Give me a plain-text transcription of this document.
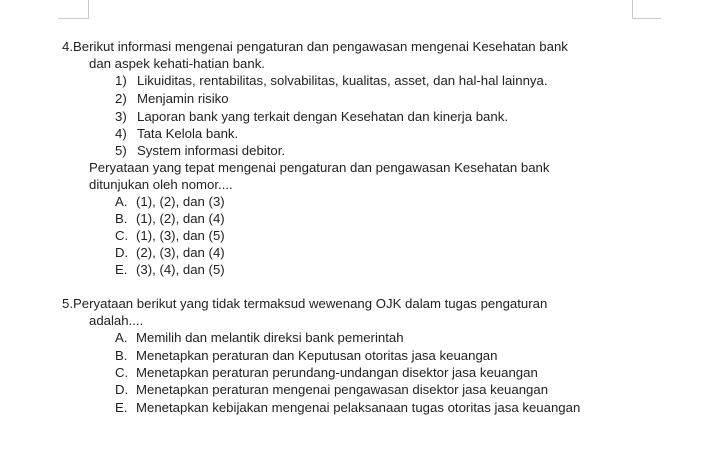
4.Berikut informasi mengenai pengaturan dan pengawasan mengenai Kesehatan bank
dan aspek kehati-hatian bank.
1) Likuiditas, rentabilitas, solvabilitas, kualitas, asset, dan hal-hal lainnya.
2) Menjamin risiko
3) Laporan bank yang terkait dengan Kesehatan dan kinerja bank.
4) Tata Kelola bank.
5) System informasi debitor.
Peryataan yang tepat mengenai pengaturan dan pengawasan Kesehatan bank
ditunjukan oleh nomor....
A. (1), (2), dan (3)
B. (1), (2), dan (4)
C. (1), (3), dan (5)
D. (2), (3), dan (4)
E. (3), (4), dan (5)
5.Peryataan berikut yang tidak termaksud wewenang OJK dalam tugas pengaturan
adalah....
A. Memilih dan melantik direksi bank pemerintah
B. Menetapkan peraturan dan Keputusan otoritas jasa keuangan
C. Menetapkan peraturan perundang-undangan disektor jasa keuangan
D. Menetapkan peraturan mengenai pengawasan disektor jasa keuangan
E. Menetapkan kebijakan mengenai pelaksanaan tugas otoritas jasa keuangan
